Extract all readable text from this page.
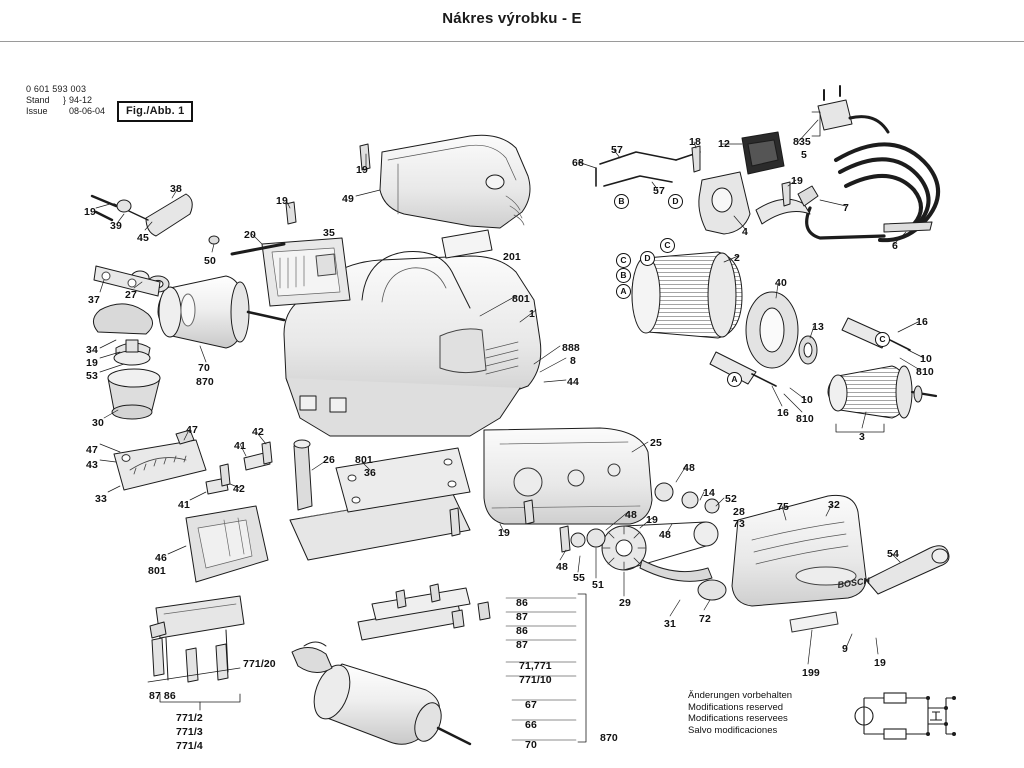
Nákres výrobku - E
0 601 593 003
Stand	} 94-12
Issue
	08-06-04	Fig./Abb. 1
BOSCH
19
49
38
19
39
45
19
20	35
50	201
37 27
34
19
53
30
47
43
33
47
70
870
41
42
42
41
26 801
36
46
801
19
48
55
51
29
31 72
801
1
888
8
44
25
48
14 52
28
73
48 19
48
75	32
54
199
9
19
68
57
57
18 12	835
5
19
7
4
6
2
40
13	16
10
810
16
10
810
3
86
87
86
87
71,771
771/10
67
66
70
870
87 86
771/20
771/2
771/3
771/4
B	D
C
D
C
B
A
A
C
Änderungen vorbehalten
Modifications reserved
Modifications reservees
Salvo modificaciones
